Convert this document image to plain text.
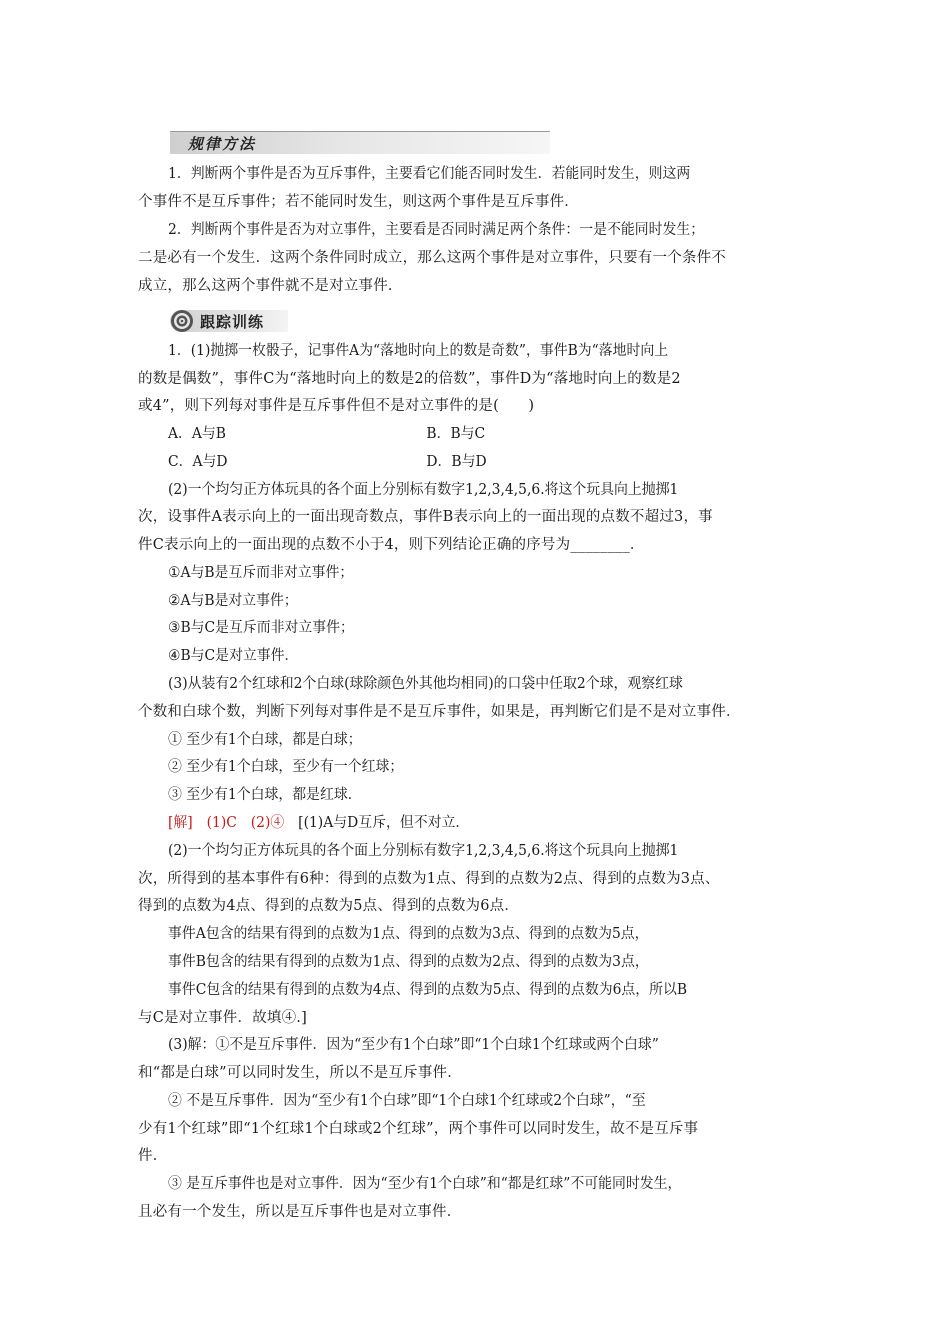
规律方法
1．判断两个事件是否为互斥事件，主要看它们能否同时发生．若能同时发生，则这两
个事件不是互斥事件；若不能同时发生，则这两个事件是互斥事件．
2．判断两个事件是否为对立事件，主要看是否同时满足两个条件：一是不能同时发生；
二是必有一个发生．这两个条件同时成立，那么这两个事件是对立事件，只要有一个条件不
成立，那么这两个事件就不是对立事件．
跟踪训练
1．(1)抛掷一枚骰子，记事件A为“落地时向上的数是奇数”，事件B为“落地时向上
的数是偶数”，事件C为“落地时向上的数是2的倍数”，事件D为“落地时向上的数是2
或4”，则下列每对事件是互斥事件但不是对立事件的是(　　)
A．A与B	B．B与C
C．A与D	D．B与D
(2)一个均匀正方体玩具的各个面上分别标有数字1,2,3,4,5,6.将这个玩具向上抛掷1
次，设事件A表示向上的一面出现奇数点，事件B表示向上的一面出现的点数不超过3，事
件C表示向上的一面出现的点数不小于4，则下列结论正确的序号为________．
①A与B是互斥而非对立事件；
②A与B是对立事件；
③B与C是互斥而非对立事件；
④B与C是对立事件．
(3)从装有2个红球和2个白球(球除颜色外其他均相同)的口袋中任取2个球，观察红球
个数和白球个数，判断下列每对事件是不是互斥事件，如果是，再判断它们是不是对立事件．
① 至少有1个白球，都是白球；
② 至少有1个白球，至少有一个红球；
③ 至少有1个白球，都是红球．
[解]　(1)C　(2)④　[(1)A与D互斥，但不对立．
(2)一个均匀正方体玩具的各个面上分别标有数字1,2,3,4,5,6.将这个玩具向上抛掷1
次，所得到的基本事件有6种：得到的点数为1点、得到的点数为2点、得到的点数为3点、
得到的点数为4点、得到的点数为5点、得到的点数为6点．
事件A包含的结果有得到的点数为1点、得到的点数为3点、得到的点数为5点，
事件B包含的结果有得到的点数为1点、得到的点数为2点、得到的点数为3点，
事件C包含的结果有得到的点数为4点、得到的点数为5点、得到的点数为6点，所以B
与C是对立事件．故填④.]
(3)解：①不是互斥事件．因为“至少有1个白球”即“1个白球1个红球或两个白球”
和“都是白球”可以同时发生，所以不是互斥事件．
② 不是互斥事件．因为“至少有1个白球”即“1个白球1个红球或2个白球”，“至
少有1个红球”即“1个红球1个白球或2个红球”，两个事件可以同时发生，故不是互斥事
件．
③ 是互斥事件也是对立事件．因为“至少有1个白球”和“都是红球”不可能同时发生，
且必有一个发生，所以是互斥事件也是对立事件．
